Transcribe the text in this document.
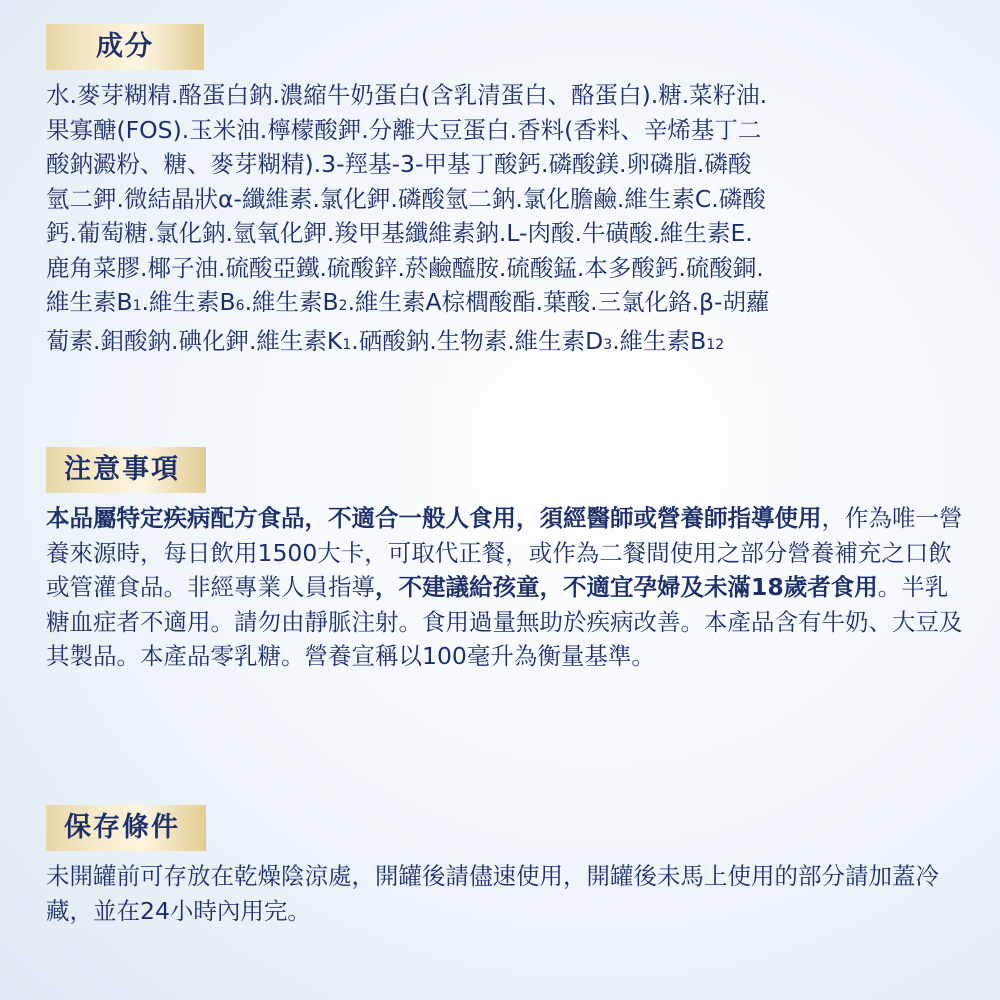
成分
水.麥芽糊精.酪蛋白鈉.濃縮牛奶蛋白(含乳清蛋白、酪蛋白).糖.菜籽油.
果寡醣(FOS).玉米油.檸檬酸鉀.分離大豆蛋白.香料(香料、辛烯基丁二
酸鈉澱粉、糖、麥芽糊精).3-羥基-3-甲基丁酸鈣.磷酸鎂.卵磷脂.磷酸
氫二鉀.微結晶狀α-纖維素.氯化鉀.磷酸氫二鈉.氯化膽鹼.維生素C.磷酸
鈣.葡萄糖.氯化鈉.氫氧化鉀.羧甲基纖維素鈉.L-肉酸.牛磺酸.維生素E.
鹿角菜膠.椰子油.硫酸亞鐵.硫酸鋅.菸鹼醯胺.硫酸錳.本多酸鈣.硫酸銅.
維生素B1.維生素B6.維生素B2.維生素A棕櫚酸酯.葉酸.三氯化鉻.β-胡蘿
蔔素.鉬酸鈉.碘化鉀.維生素K1.硒酸鈉.生物素.維生素D3.維生素B12
注意事項
本品屬特定疾病配方食品，不適合一般人食用，須經醫師或營養師指導使用，作為唯一營養來源時，每日飲用1500大卡，可取代正餐，或作為二餐間使用之部分營養補充之口飲或管灌食品。非經專業人員指導，不建議給孩童，不適宜孕婦及未滿18歲者食用。半乳糖血症者不適用。請勿由靜脈注射。食用過量無助於疾病改善。本產品含有牛奶、大豆及其製品。本產品零乳糖。營養宣稱以100毫升為衡量基準。
保存條件
未開罐前可存放在乾燥陰涼處，開罐後請儘速使用，開罐後未馬上使用的部分請加蓋冷藏，並在24小時內用完。
